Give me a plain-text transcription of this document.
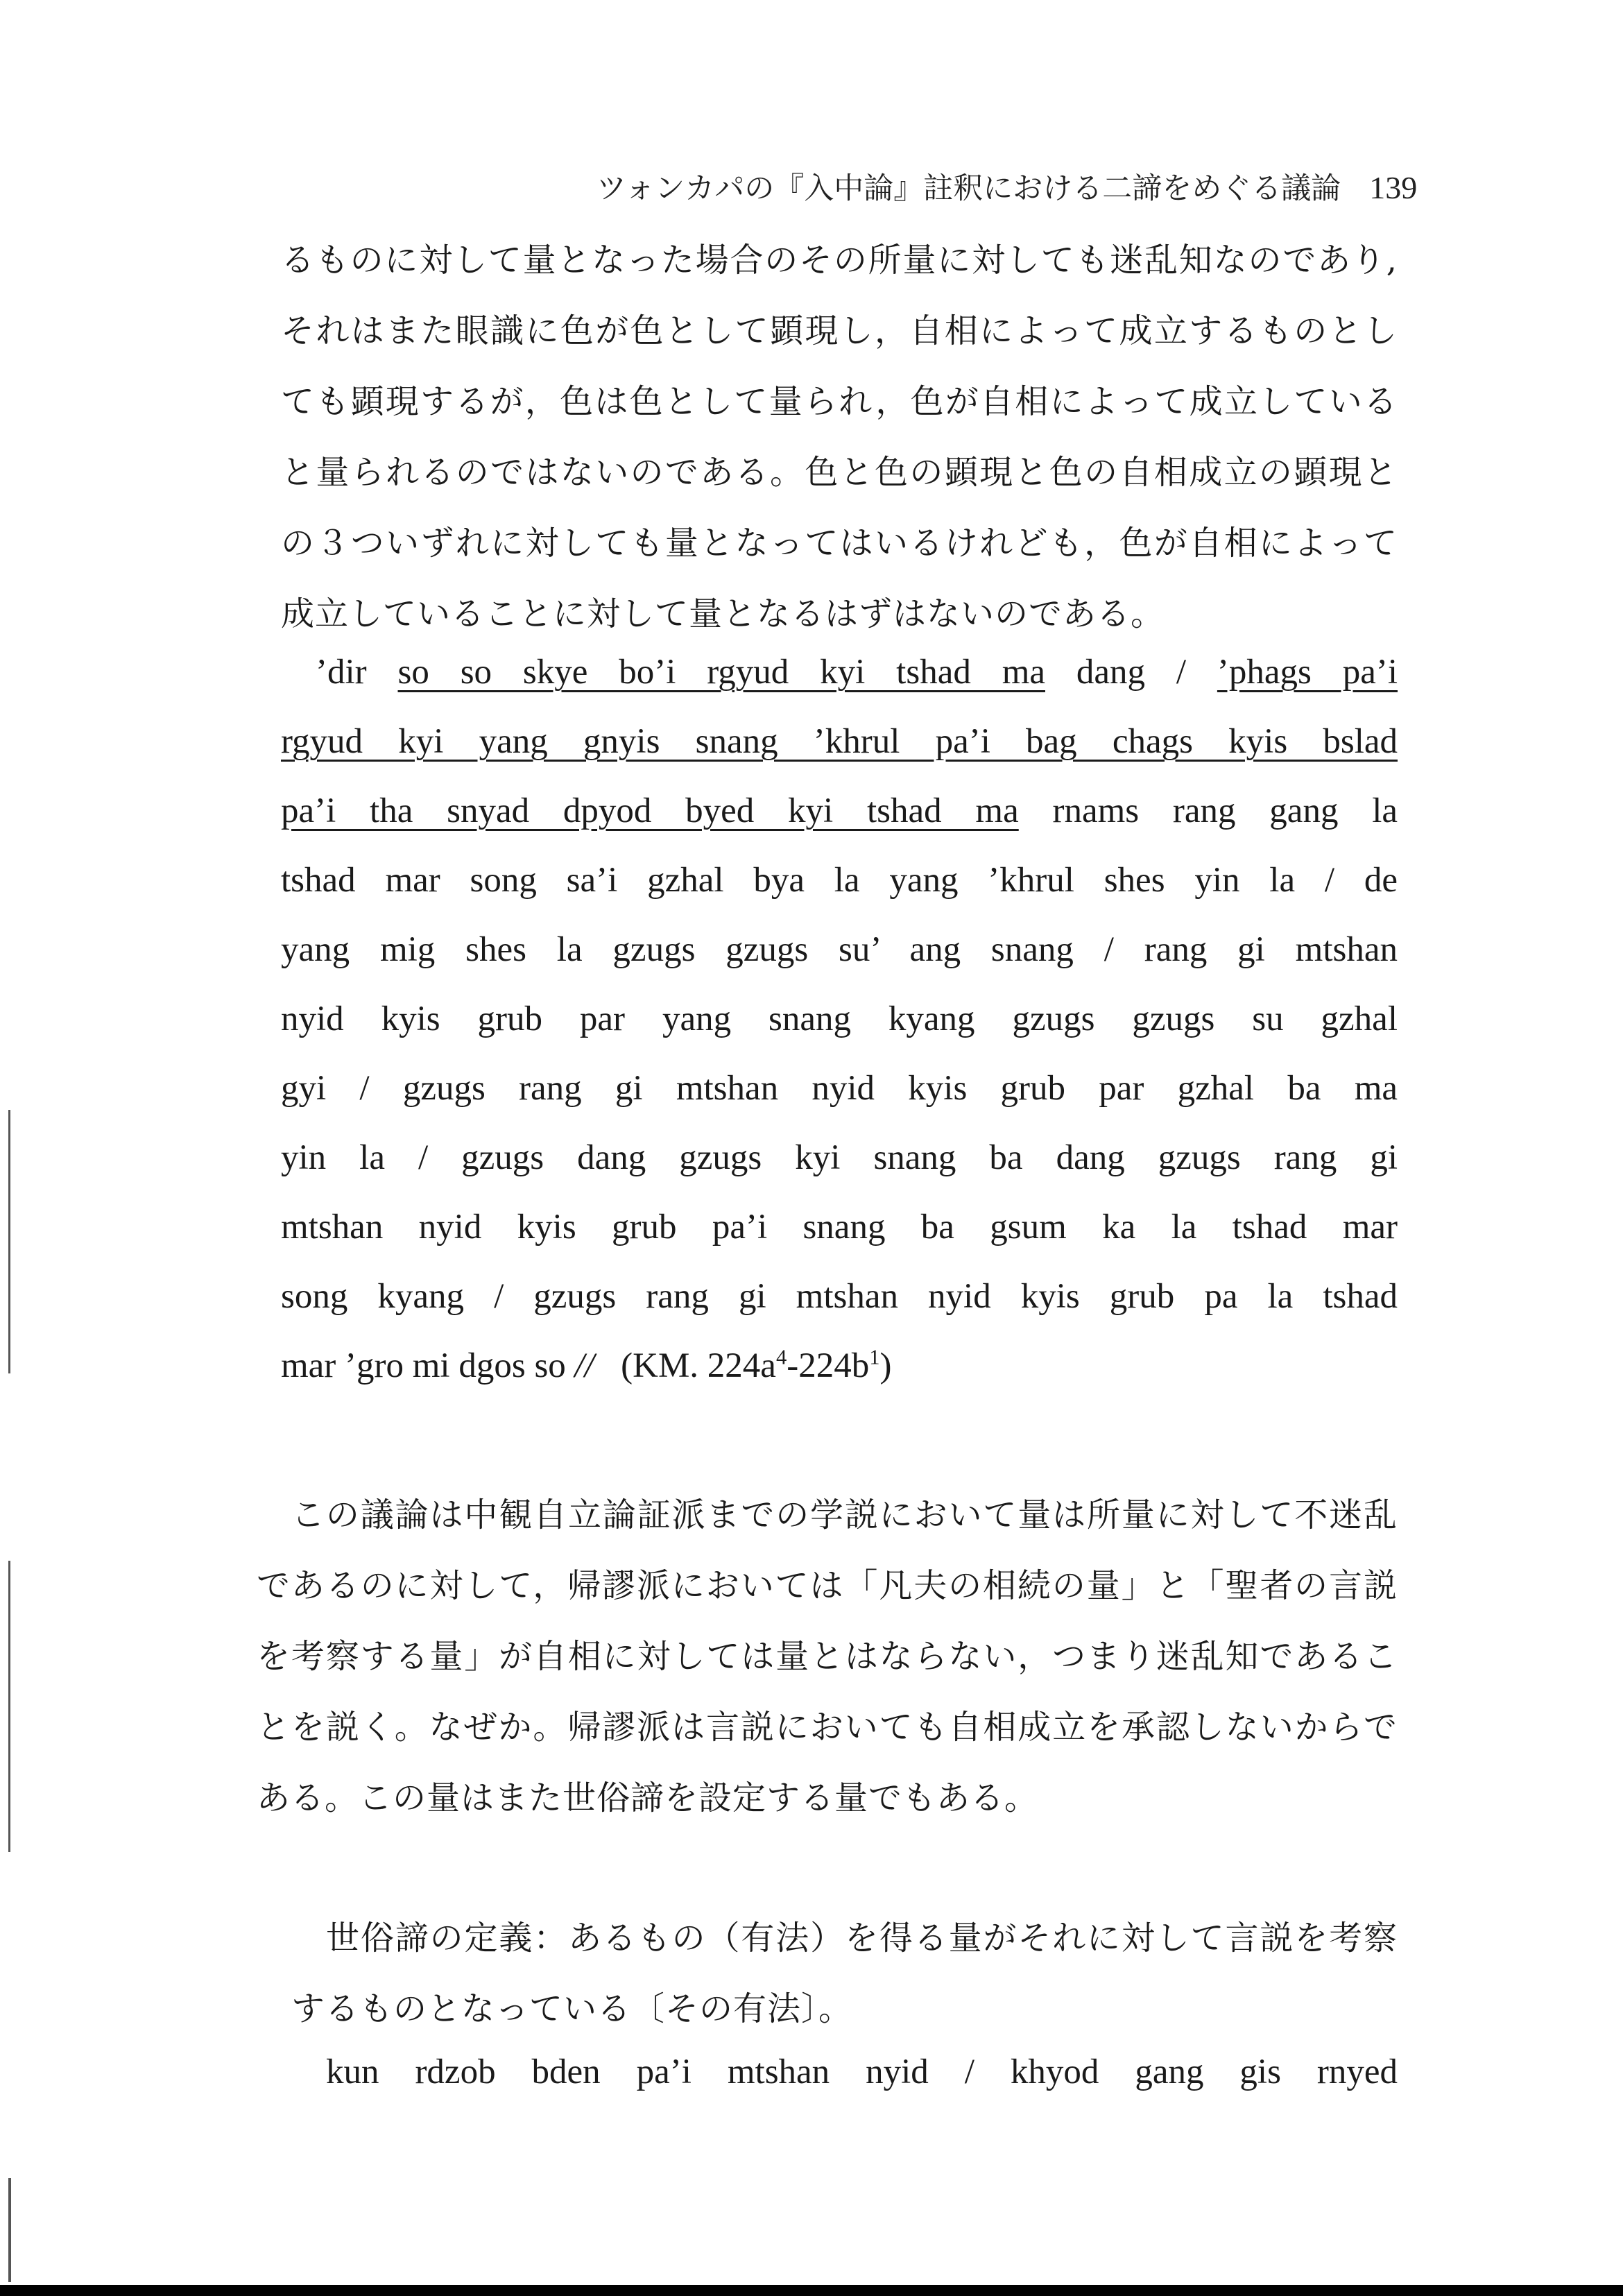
ツォンカパの『入中論』註釈における二諦をめぐる議論 139
るものに対して量となった場合のその所量に対しても迷乱知なのであり,
それはまた眼識に色が色として顕現し，自相によって成立するものとし
ても顕現するが，色は色として量られ，色が自相によって成立している
と量られるのではないのである。色と色の顕現と色の自相成立の顕現と
の３ついずれに対しても量となってはいるけれども，色が自相によって
成立していることに対して量となるはずはないのである。
’dir so so skye bo’i rgyud kyi tshad ma dang / ’phags pa’i
rgyud kyi yang gnyis snang ’khrul pa’i bag chags kyis bslad
pa’i tha snyad dpyod byed kyi tshad ma rnams rang gang la
tshad mar song sa’i gzhal bya la yang ’khrul shes yin la / de
yang mig shes la gzugs gzugs su’ ang snang / rang gi mtshan
nyid kyis grub par yang snang kyang gzugs gzugs su gzhal
gyi / gzugs rang gi mtshan nyid kyis grub par gzhal ba ma
yin la / gzugs dang gzugs kyi snang ba dang gzugs rang gi
mtshan nyid kyis grub pa’i snang ba gsum ka la tshad mar
song kyang / gzugs rang gi mtshan nyid kyis grub pa la tshad
mar ’gro mi dgos so // (KM. $224a^4-224b^1$)
この議論は中観自立論証派までの学説において量は所量に対して不迷乱
であるのに対して，帰謬派においては「凡夫の相続の量」と「聖者の言説
を考察する量」が自相に対しては量とはならない，つまり迷乱知であるこ
とを説く。なぜか。帰謬派は言説においても自相成立を承認しないからで
ある。この量はまた世俗諦を設定する量でもある。
世俗諦の定義：あるもの（有法）を得る量がそれに対して言説を考察
するものとなっている〔その有法〕。
kun rdzob bden pa’i mtshan nyid / khyod gang gis rnyed
